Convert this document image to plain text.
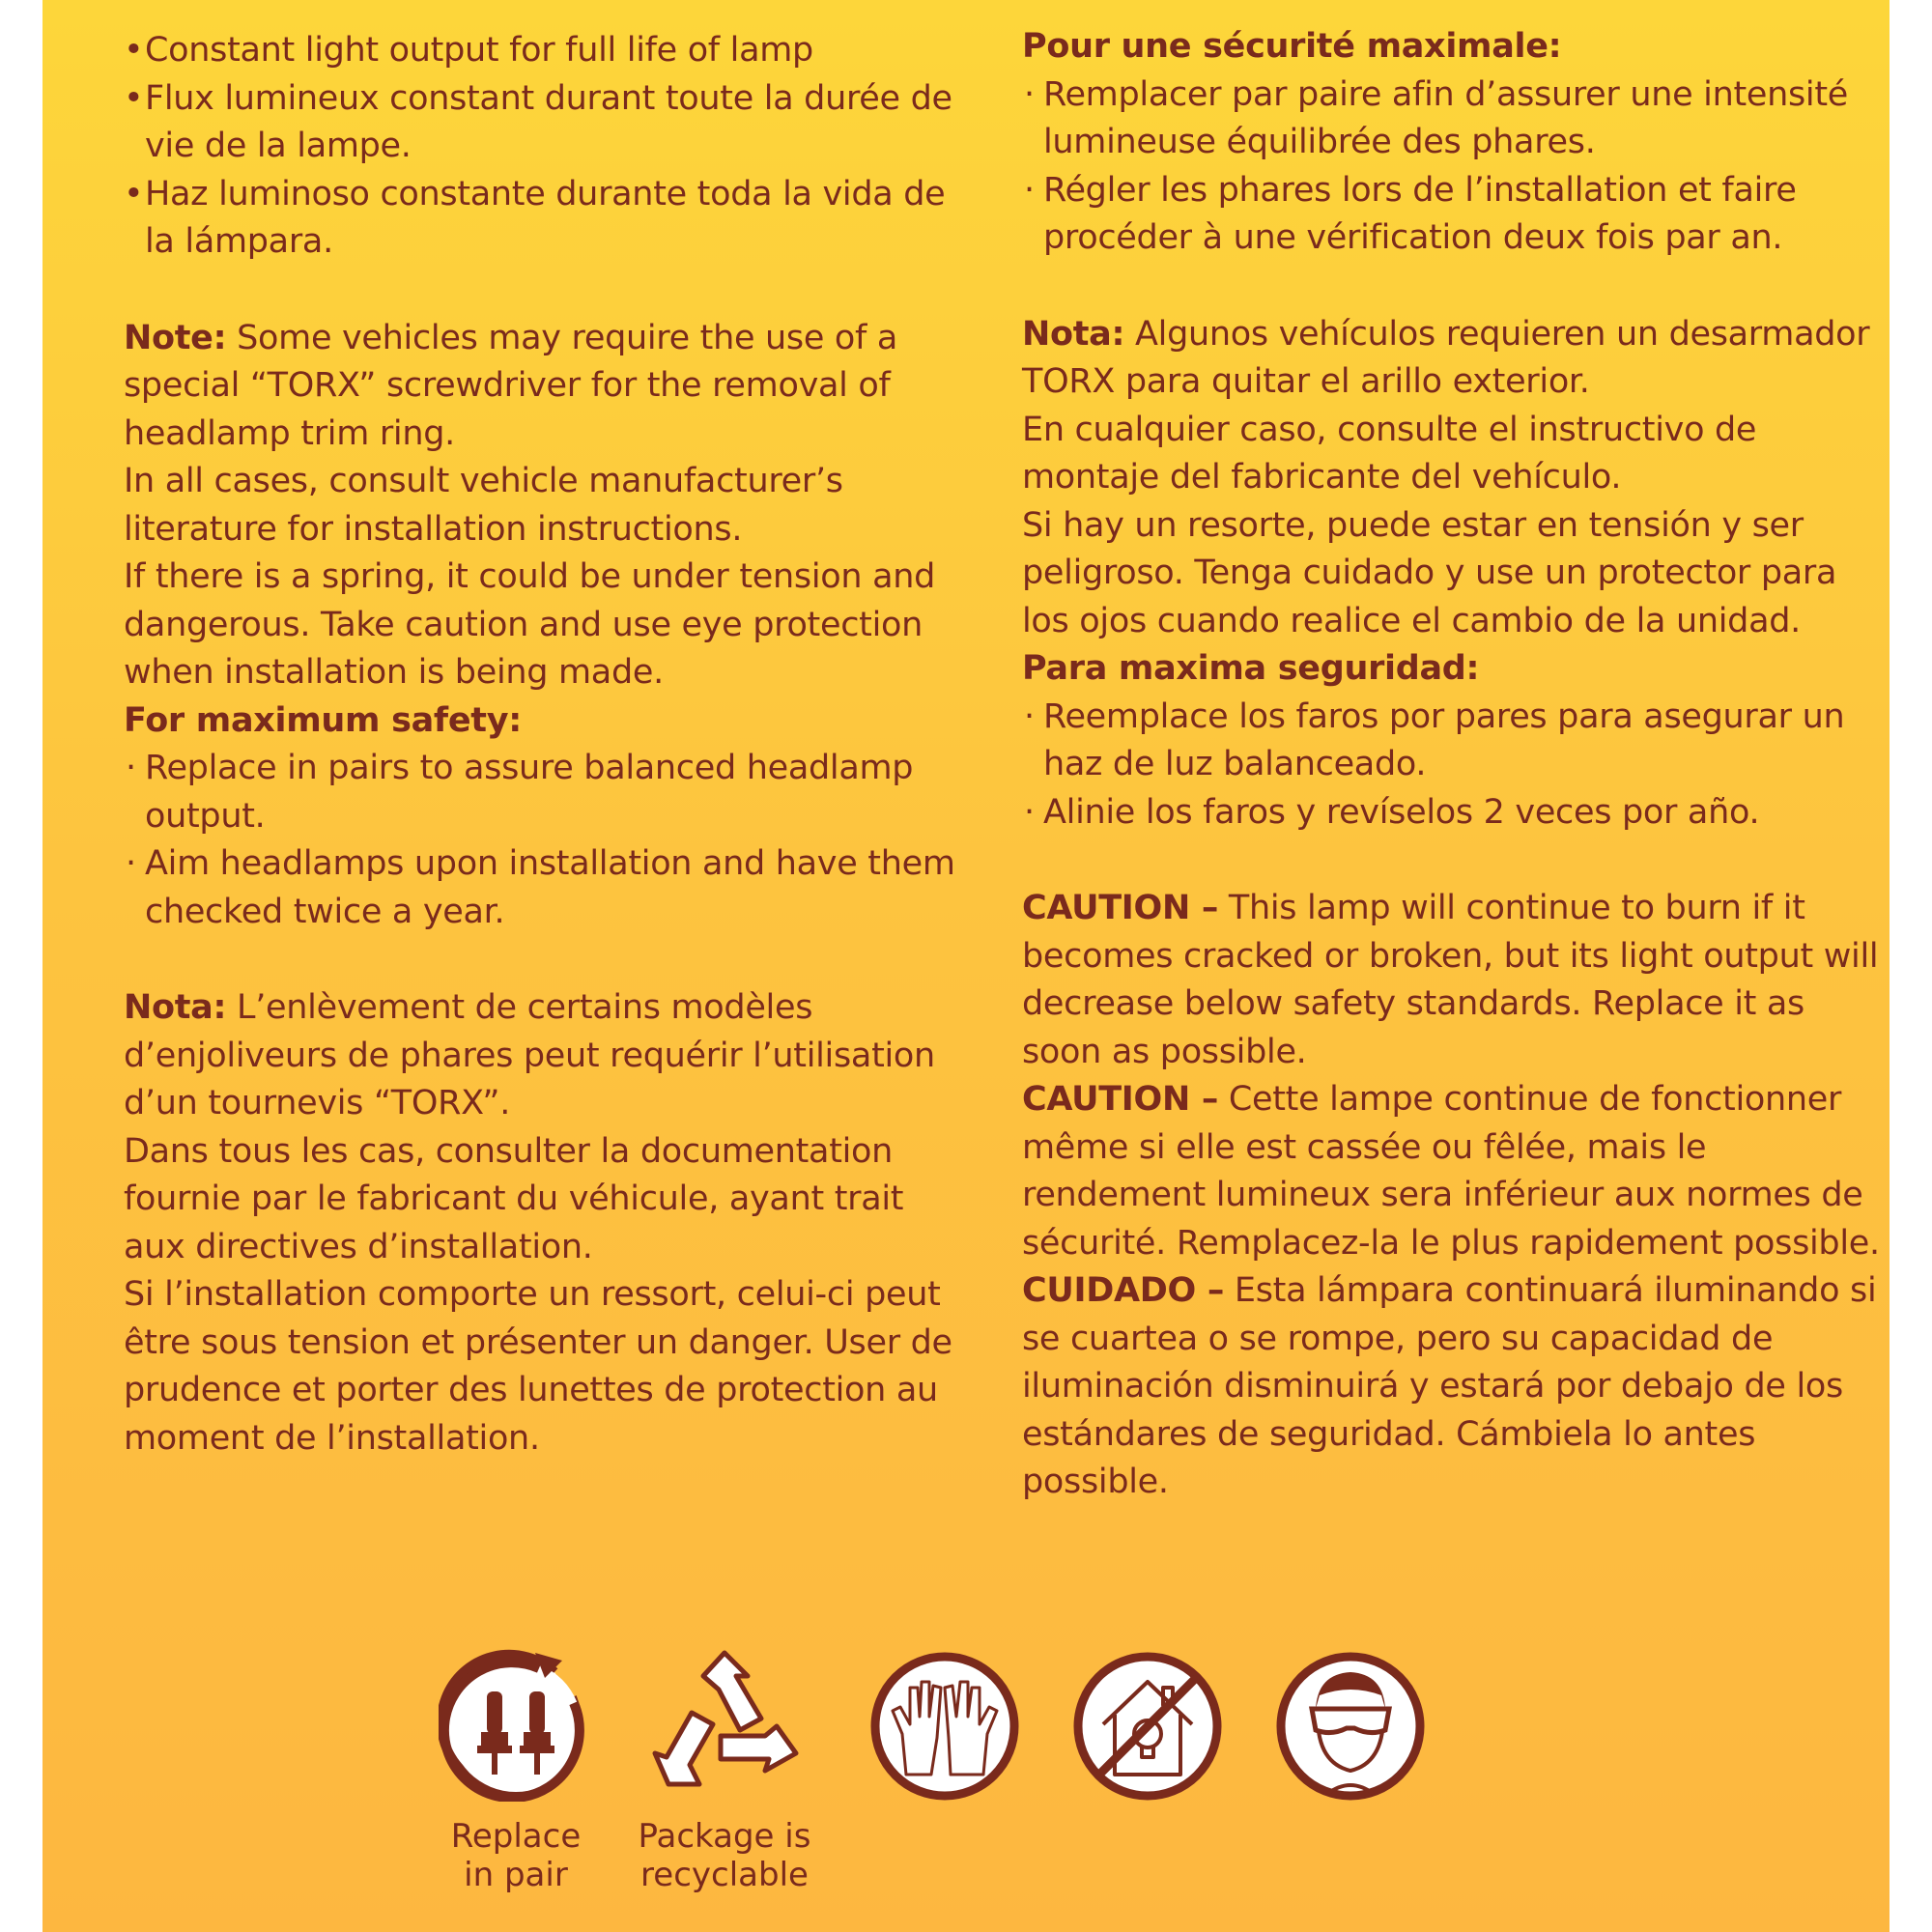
• Constant light output for full life of lamp
• Flux lumineux constant durant toute la durée de vie de la lampe.
• Haz luminoso constante durante toda la vida de la lámpara.

Note: Some vehicles may require the use of a special “TORX” screwdriver for the removal of headlamp trim ring.

In all cases, consult vehicle manufacturer’s literature for installation instructions.

If there is a spring, it could be under tension and dangerous. Take caution and use eye protection when installation is being made.

For maximum safety:

· Replace in pairs to assure balanced headlamp output.
· Aim headlamps upon installation and have them checked twice a year.

Nota: L’enlèvement de certains modèles d’enjoliveurs de phares peut requérir l’utilisation d’un tournevis “TORX”.

Dans tous les cas, consulter la documentation fournie par le fabricant du véhicule, ayant trait aux directives d’installation.

Si l’installation comporte un ressort, celui-ci peut être sous tension et présenter un danger. User de prudence et porter des lunettes de protection au moment de l’installation.

Pour une sécurité maximale:

· Remplacer par paire afin d’assurer une intensité lumineuse équilibrée des phares.
· Régler les phares lors de l’installation et faire procéder à une vérification deux fois par an.

Nota: Algunos vehículos requieren un desarmador TORX para quitar el arillo exterior.

En cualquier caso, consulte el instructivo de montaje del fabricante del vehículo.

Si hay un resorte, puede estar en tensión y ser peligroso. Tenga cuidado y use un protector para los ojos cuando realice el cambio de la unidad.

Para maxima seguridad:

· Reemplace los faros por pares para asegurar un haz de luz balanceado.
· Alinie los faros y revíselos 2 veces por año.

CAUTION – This lamp will continue to burn if it becomes cracked or broken, but its light output will decrease below safety standards. Replace it as soon as possible.

CAUTION – Cette lampe continue de fonctionner même si elle est cassée ou fêlée, mais le rendement lumineux sera inférieur aux normes de sécurité. Remplacez-la le plus rapidement possible.

CUIDADO – Esta lámpara continuará iluminando si se cuartea o se rompe, pero su capacidad de iluminación disminuirá y estará por debajo de los estándares de seguridad. Cámbiela lo antes possible.

Replace
in pair
Package is
recyclable
